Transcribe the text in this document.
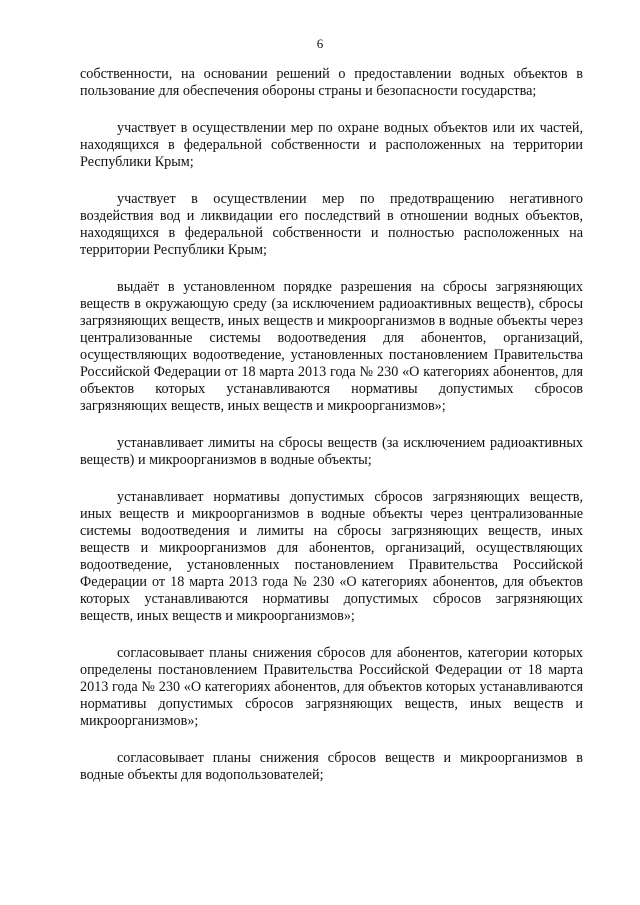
6

собственности, на основании решений о предоставлении водных объектов в пользование для обеспечения обороны страны и безопасности государства;

участвует в осуществлении мер по охране водных объектов или их частей, находящихся в федеральной собственности и расположенных на территории Республики Крым;

участвует в осуществлении мер по предотвращению негативного воздействия вод и ликвидации его последствий в отношении водных объектов, находящихся в федеральной собственности и полностью расположенных на территории Республики Крым;

выдаёт в установленном порядке разрешения на сбросы загрязняющих веществ в окружающую среду (за исключением радиоактивных веществ), сбросы загрязняющих веществ, иных веществ и микроорганизмов в водные объекты через централизованные системы водоотведения для абонентов, организаций, осуществляющих водоотведение, установленных постановлением Правительства Российской Федерации от 18 марта 2013 года № 230 «О категориях абонентов, для объектов которых устанавливаются нормативы допустимых сбросов загрязняющих веществ, иных веществ и микроорганизмов»;

устанавливает лимиты на сбросы веществ (за исключением радиоактивных веществ) и микроорганизмов в водные объекты;

устанавливает нормативы допустимых сбросов загрязняющих веществ, иных веществ и микроорганизмов в водные объекты через централизованные системы водоотведения и лимиты на сбросы загрязняющих веществ, иных веществ и микроорганизмов для абонентов, организаций, осуществляющих водоотведение, установленных постановлением Правительства Российской Федерации от 18 марта 2013 года № 230 «О категориях абонентов, для объектов которых устанавливаются нормативы допустимых сбросов загрязняющих веществ, иных веществ и микроорганизмов»;

согласовывает планы снижения сбросов для абонентов, категории которых определены постановлением Правительства Российской Федерации от 18 марта 2013 года № 230 «О категориях абонентов, для объектов которых устанавливаются нормативы допустимых сбросов загрязняющих веществ, иных веществ и микроорганизмов»;

согласовывает планы снижения сбросов веществ и микроорганизмов в водные объекты для водопользователей;
